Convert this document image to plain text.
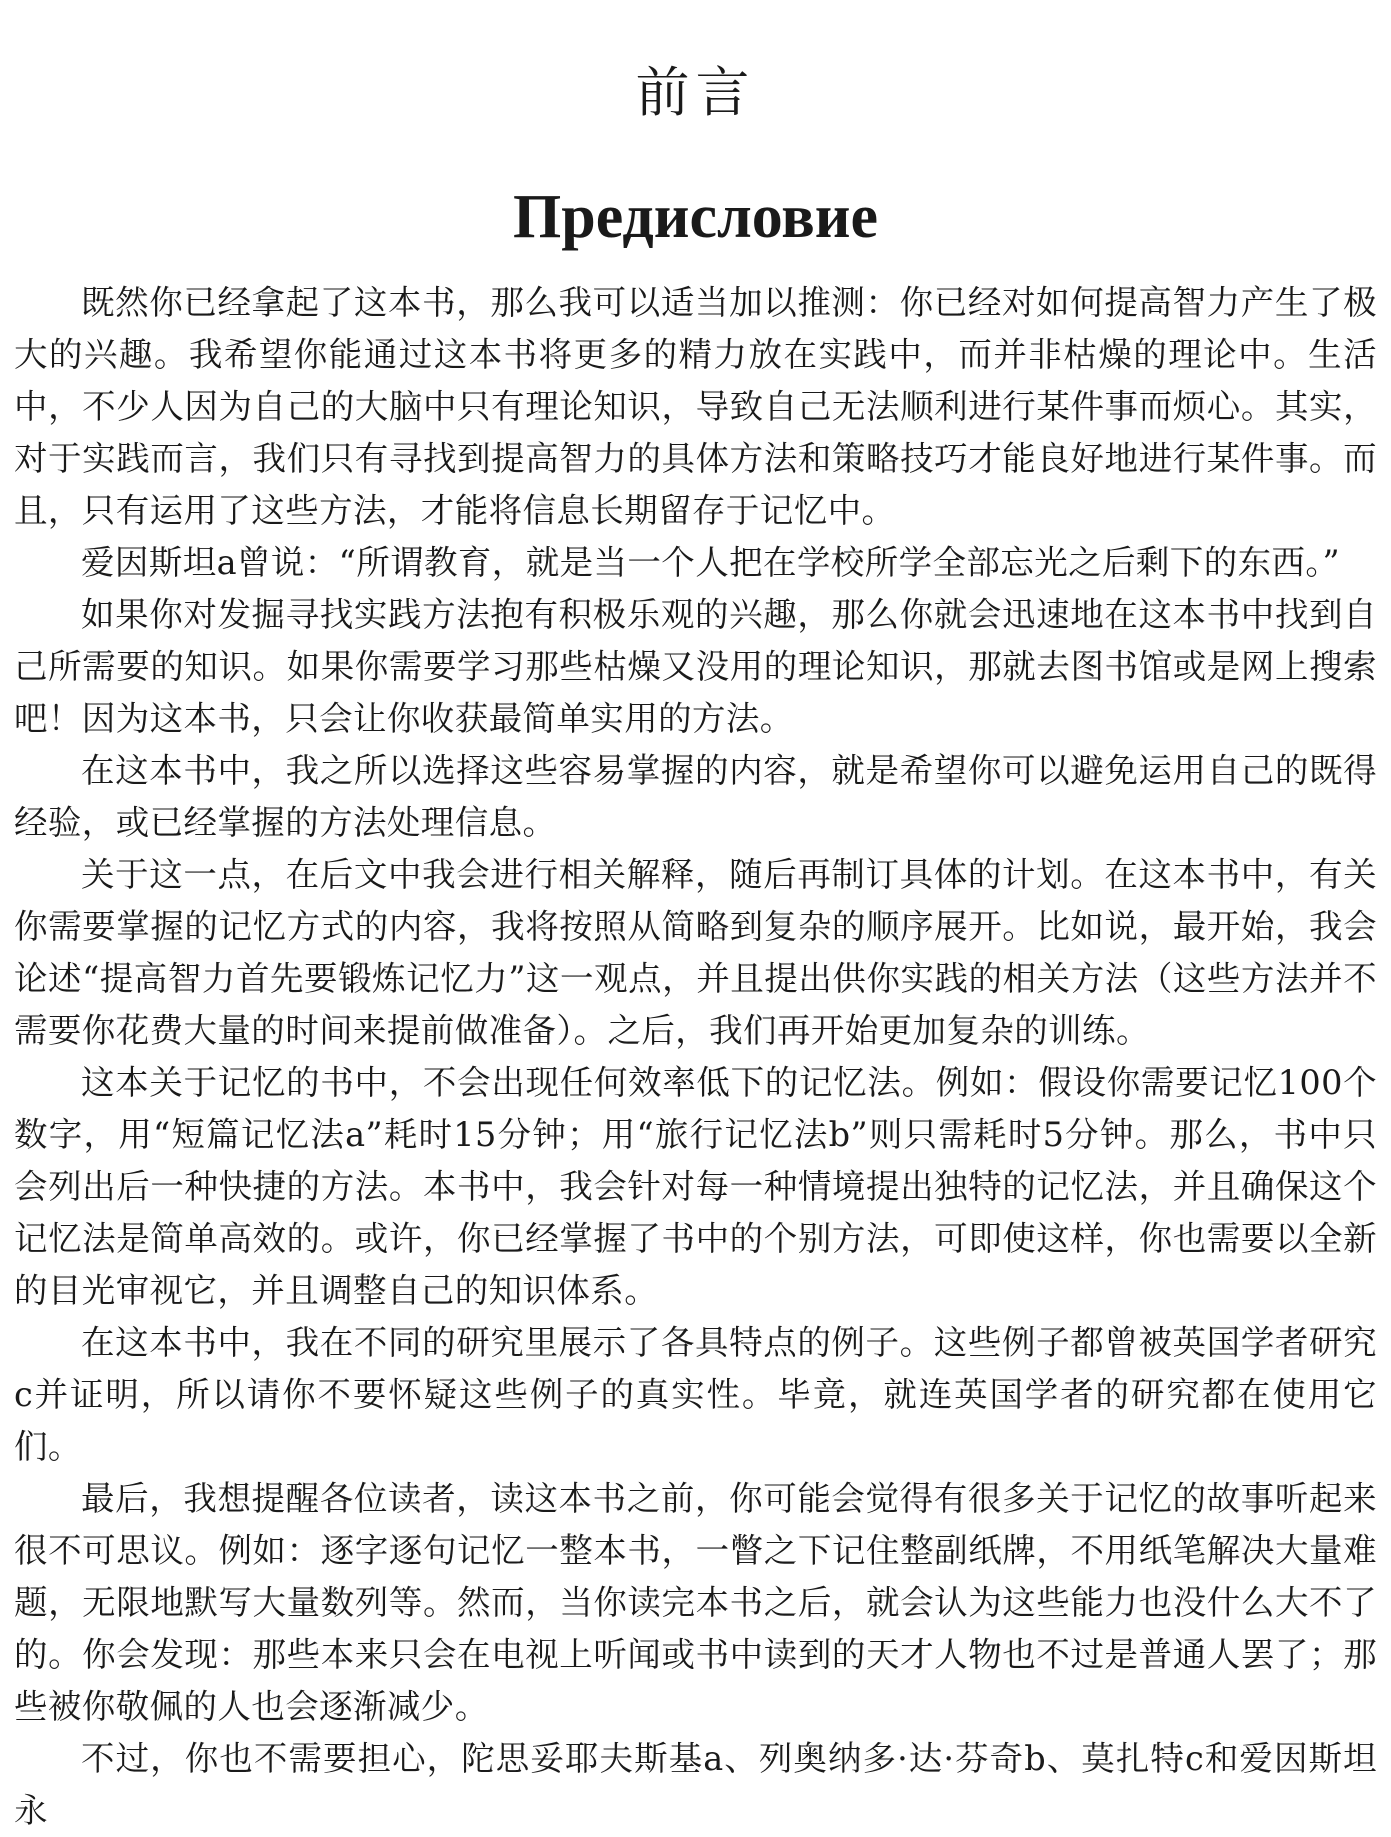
前言
Предисловие

既然你已经拿起了这本书，那么我可以适当加以推测：你已经对如何提高智力产生了极大的兴趣。我希望你能通过这本书将更多的精力放在实践中，而并非枯燥的理论中。生活中，不少人因为自己的大脑中只有理论知识，导致自己无法顺利进行某件事而烦心。其实，对于实践而言，我们只有寻找到提高智力的具体方法和策略技巧才能良好地进行某件事。而且，只有运用了这些方法，才能将信息长期留存于记忆中。

爱因斯坦a曾说：“所谓教育，就是当一个人把在学校所学全部忘光之后剩下的东西。”

如果你对发掘寻找实践方法抱有积极乐观的兴趣，那么你就会迅速地在这本书中找到自己所需要的知识。如果你需要学习那些枯燥又没用的理论知识，那就去图书馆或是网上搜索吧！因为这本书，只会让你收获最简单实用的方法。

在这本书中，我之所以选择这些容易掌握的内容，就是希望你可以避免运用自己的既得经验，或已经掌握的方法处理信息。

关于这一点，在后文中我会进行相关解释，随后再制订具体的计划。在这本书中，有关你需要掌握的记忆方式的内容，我将按照从简略到复杂的顺序展开。比如说，最开始，我会论述“提高智力首先要锻炼记忆力”这一观点，并且提出供你实践的相关方法（这些方法并不需要你花费大量的时间来提前做准备）。之后，我们再开始更加复杂的训练。

这本关于记忆的书中，不会出现任何效率低下的记忆法。例如：假设你需要记忆100个数字，用“短篇记忆法a”耗时15分钟；用“旅行记忆法b”则只需耗时5分钟。那么，书中只会列出后一种快捷的方法。本书中，我会针对每一种情境提出独特的记忆法，并且确保这个记忆法是简单高效的。或许，你已经掌握了书中的个别方法，可即使这样，你也需要以全新的目光审视它，并且调整自己的知识体系。

在这本书中，我在不同的研究里展示了各具特点的例子。这些例子都曾被英国学者研究c并证明，所以请你不要怀疑这些例子的真实性。毕竟，就连英国学者的研究都在使用它们。

最后，我想提醒各位读者，读这本书之前，你可能会觉得有很多关于记忆的故事听起来很不可思议。例如：逐字逐句记忆一整本书，一瞥之下记住整副纸牌，不用纸笔解决大量难题，无限地默写大量数列等。然而，当你读完本书之后，就会认为这些能力也没什么大不了的。你会发现：那些本来只会在电视上听闻或书中读到的天才人物也不过是普通人罢了；那些被你敬佩的人也会逐渐减少。

不过，你也不需要担心，陀思妥耶夫斯基a、列奥纳多·达·芬奇b、莫扎特c和爱因斯坦永
